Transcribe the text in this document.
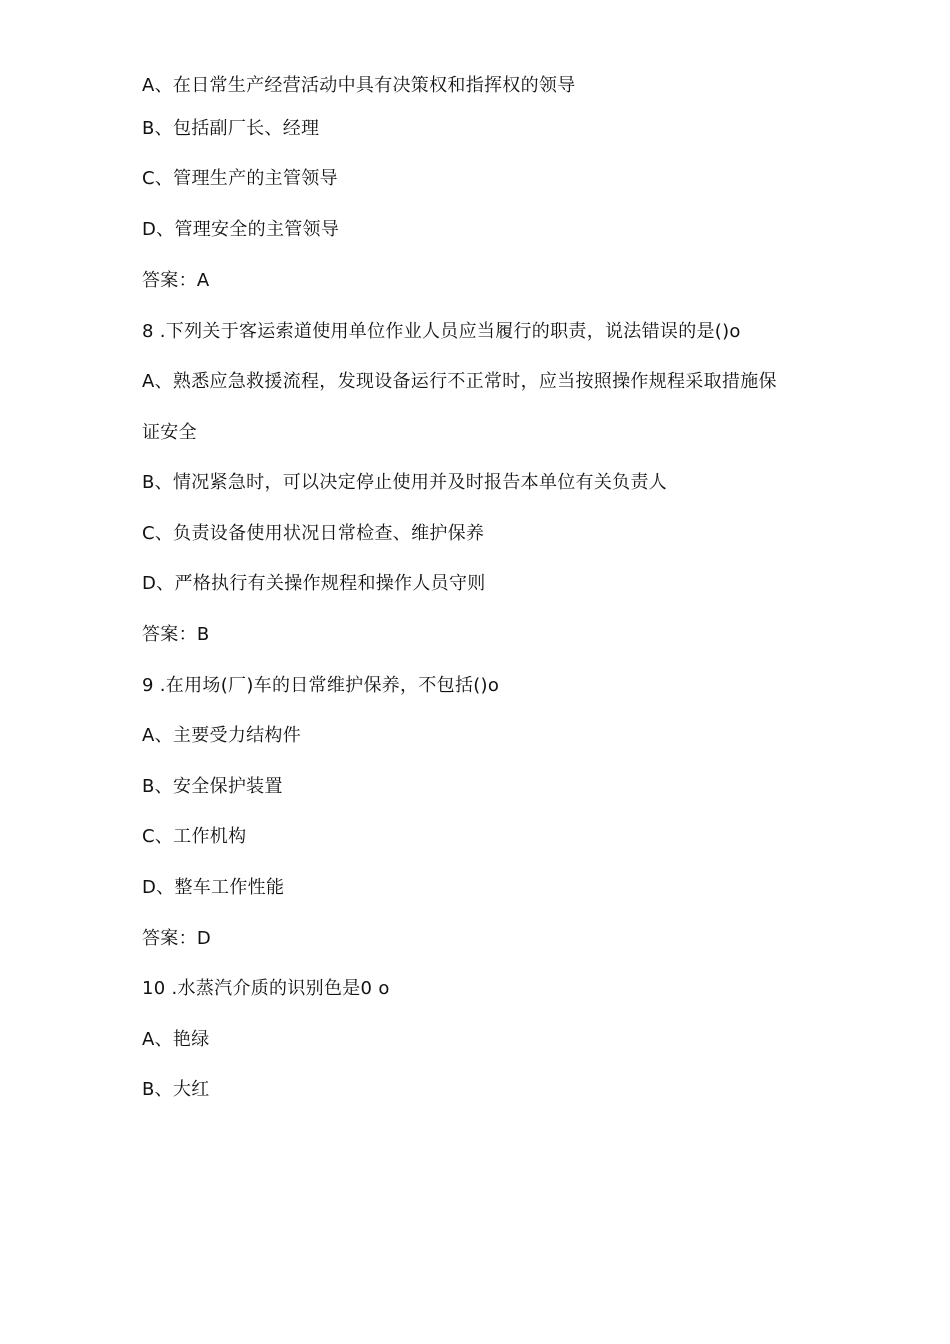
A、在日常生产经营活动中具有决策权和指挥权的领导
B、包括副厂长、经理
C、管理生产的主管领导
D、管理安全的主管领导
答案：A
8 .下列关于客运索道使用单位作业人员应当履行的职责，说法错误的是()o
A、熟悉应急救援流程，发现设备运行不正常时，应当按照操作规程采取措施保
证安全
B、情况紧急时，可以决定停止使用并及时报告本单位有关负责人
C、负责设备使用状况日常检查、维护保养
D、严格执行有关操作规程和操作人员守则
答案：B
9 .在用场(厂)车的日常维护保养，不包括()o
A、主要受力结构件
B、安全保护装置
C、工作机构
D、整车工作性能
答案：D
10 .水蒸汽介质的识别色是0 o
A、艳绿
B、大红
